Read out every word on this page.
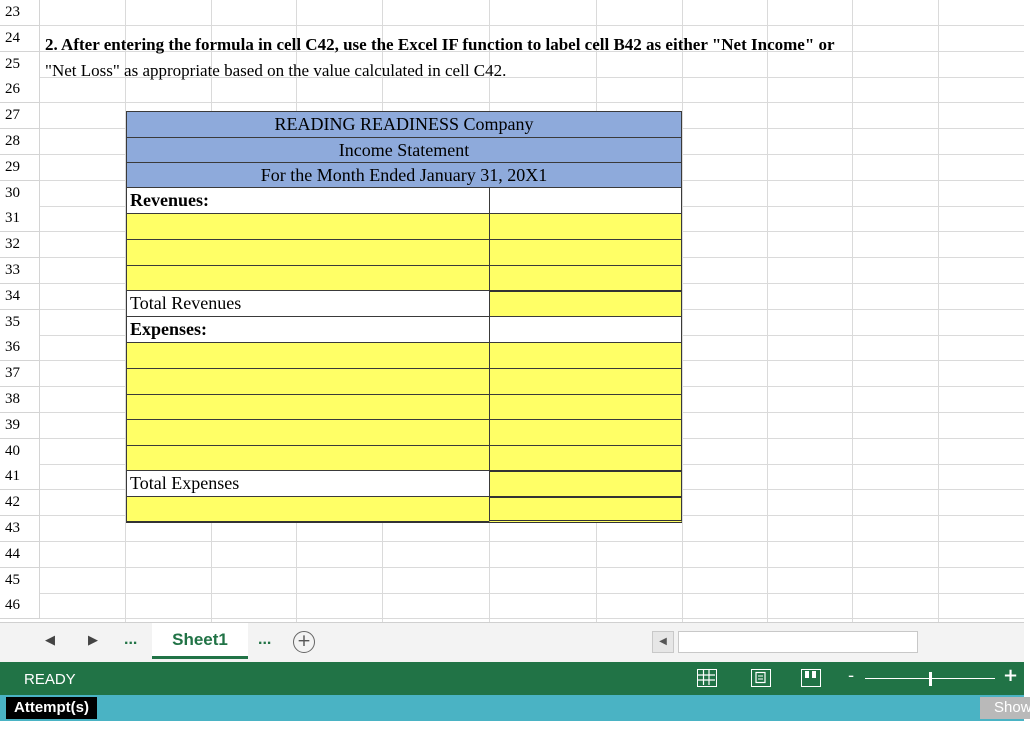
23
24
25
26
27
28
29
30
31
32
33
34
35
36
37
38
39
40
41
42
43
44
45
46
2. After entering the formula in cell C42, use the Excel IF function to label cell B42 as either "Net Income" or
"Net Loss" as appropriate based on the value calculated in cell C42.
READING READINESS Company
Income Statement
For the Month Ended January 31, 20X1
Revenues:
Total Revenues
Expenses:
Total Expenses
◀	▶ ...	Sheet1	... +	◀
READY	-	+
Attempt(s)	Show
